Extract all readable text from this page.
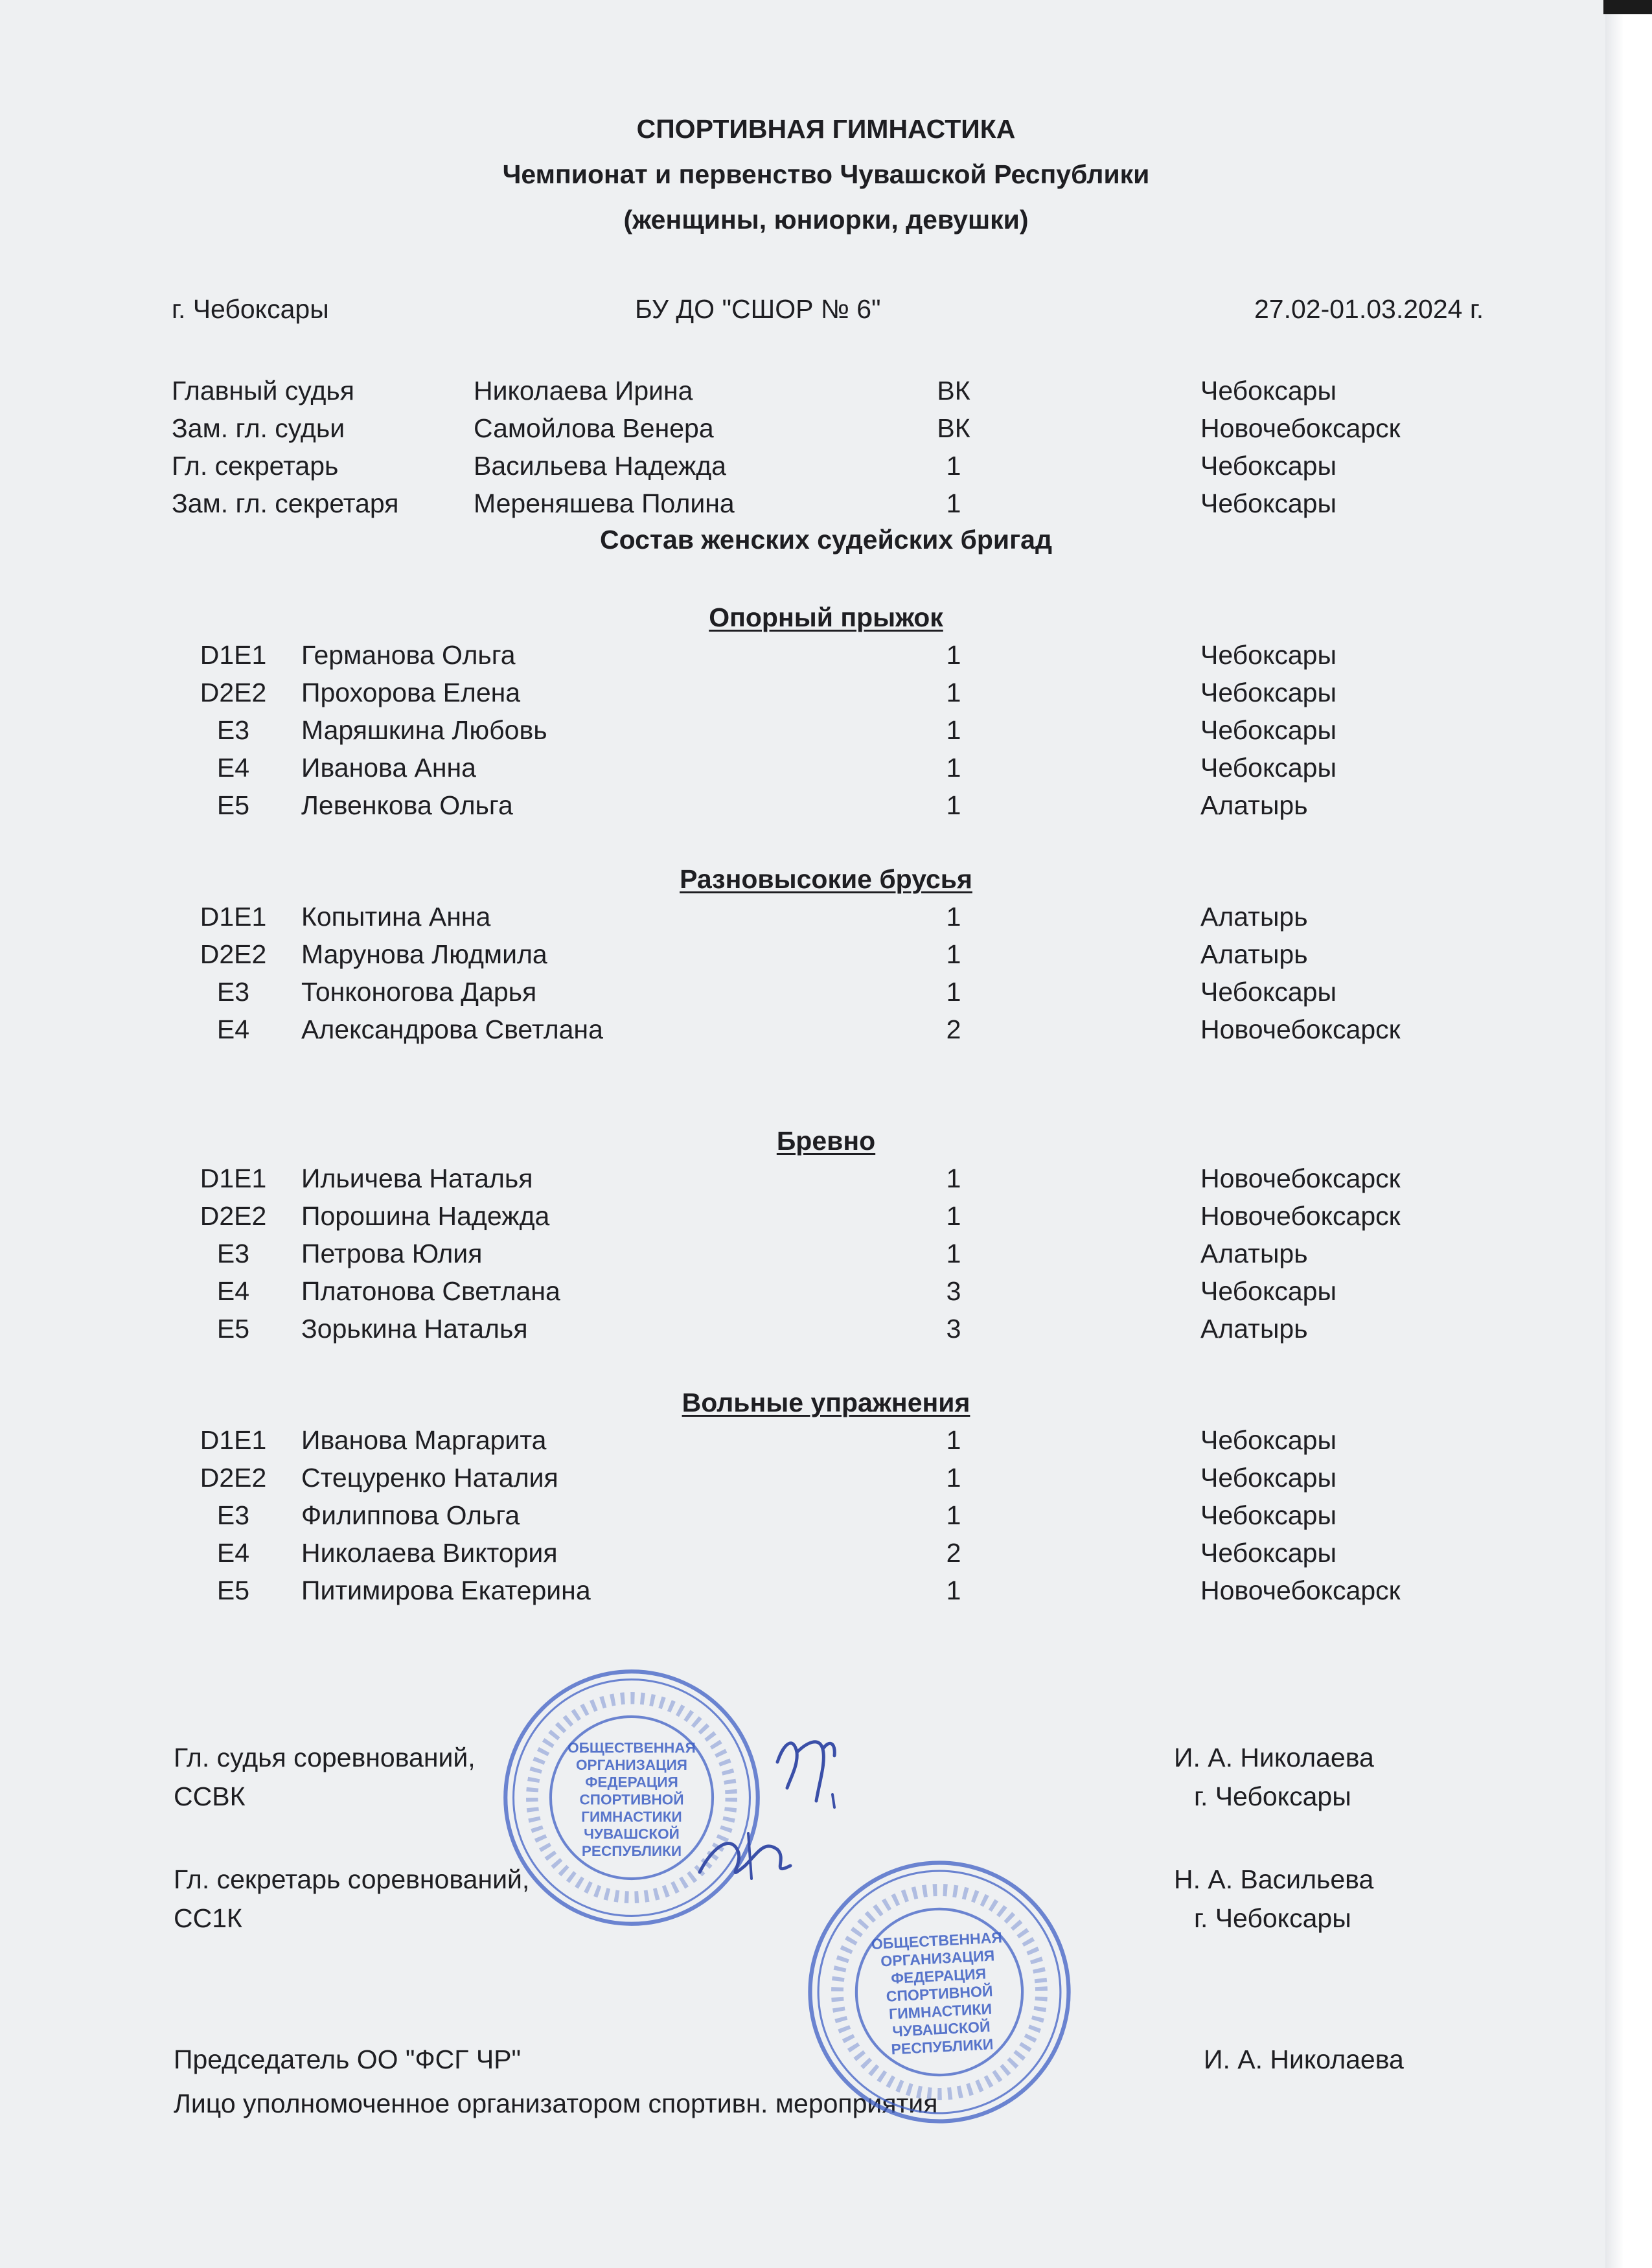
СПОРТИВНАЯ ГИМНАСТИКА
Чемпионат и первенство Чувашской Республики
(женщины, юниорки, девушки)
г. Чебоксары	БУ ДО "СШОР № 6"	27.02-01.03.2024 г.
Главный судья	Николаева Ирина	ВК	Чебоксары
Зам. гл. судьи	Самойлова Венера	ВК	Новочебоксарск
Гл. секретарь	Васильева Надежда	1	Чебоксары
Зам. гл. секретаря	Мереняшева Полина	1	Чебоксары
Состав женских судейских бригад
Опорный прыжок
D1E1 Германова Ольга	1	Чебоксары
D2E2 Прохорова Елена	1	Чебоксары
E3	Маряшкина Любовь	1	Чебоксары
E4	Иванова Анна	1	Чебоксары
E5	Левенкова Ольга	1	Алатырь
Разновысокие брусья
D1E1 Копытина Анна	1	Алатырь
D2E2 Марунова Людмила	1	Алатырь
E3	Тонконогова Дарья	1	Чебоксары
E4	Александрова Светлана	2	Новочебоксарск
Бревно
D1E1 Ильичева Наталья	1	Новочебоксарск
D2E2 Порошина Надежда	1	Новочебоксарск
E3	Петрова Юлия	1	Алатырь
E4	Платонова Светлана	3	Чебоксары
E5	Зорькина Наталья	3	Алатырь
Вольные упражнения
D1E1 Иванова Маргарита	1	Чебоксары
D2E2 Стецуренко Наталия	1	Чебоксары
E3	Филиппова Ольга	1	Чебоксары
E4	Николаева Виктория	2	Чебоксары
E5	Питимирова Екатерина	1	Новочебоксарск
Гл. судья соревнований,
ССВК
И. А. Николаева
г. Чебоксары
Гл. секретарь соревнований,
СС1К
Н. А. Васильева
г. Чебоксары
Председатель ОО "ФСГ ЧР"	И. А. Николаева
Лицо уполномоченное организатором спортивн. мероприятия
ОБЩЕСТВЕННАЯ
ОРГАНИЗАЦИЯ
ФЕДЕРАЦИЯ
СПОРТИВНОЙ
ГИМНАСТИКИ
ЧУВАШСКОЙ
РЕСПУБЛИКИ
ОБЩЕСТВЕННАЯ
ОРГАНИЗАЦИЯ
ФЕДЕРАЦИЯ
СПОРТИВНОЙ
ГИМНАСТИКИ
ЧУВАШСКОЙ
РЕСПУБЛИКИ
